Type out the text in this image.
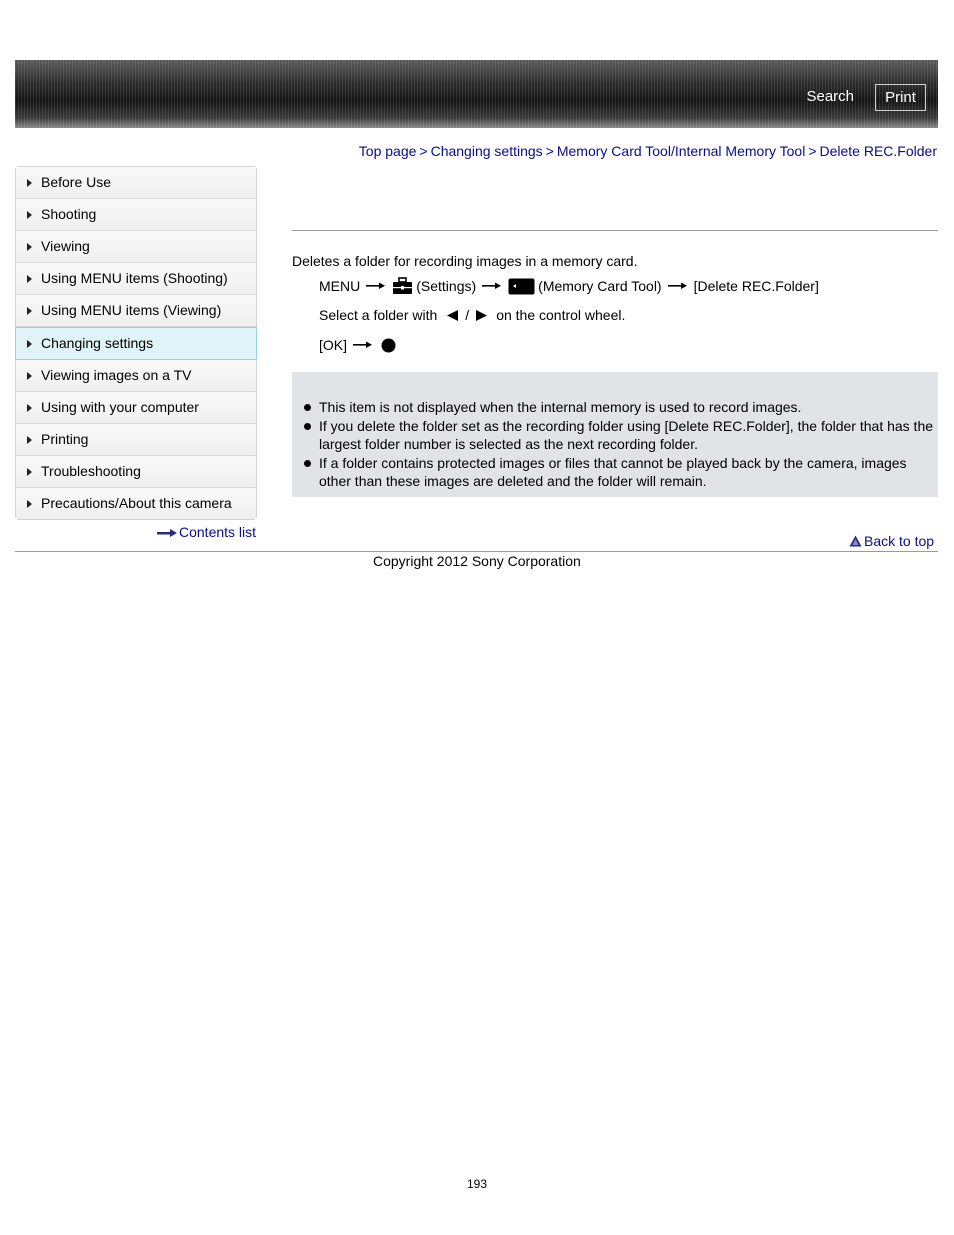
Search	Print
Top page > Changing settings > Memory Card Tool/Internal Memory Tool > Delete REC.Folder
Before Use
Shooting
Viewing
Using MENU items (Shooting)
Using MENU items (Viewing)
Changing settings
Viewing images on a TV
Using with your computer
Printing
Troubleshooting
Precautions/About this camera
Contents list
Deletes a folder for recording images in a memory card.
MENU	(Settings)	(Memory Card Tool) [Delete REC.Folder]
Select a folder with / on the control wheel.
[OK]
This item is not displayed when the internal memory is used to record images.
If you delete the folder set as the recording folder using [Delete REC.Folder], the folder that has the largest folder number is selected as the next recording folder.
If a folder contains protected images or files that cannot be played back by the camera, images other than these images are deleted and the folder will remain.
Back to top
Copyright 2012 Sony Corporation
193
